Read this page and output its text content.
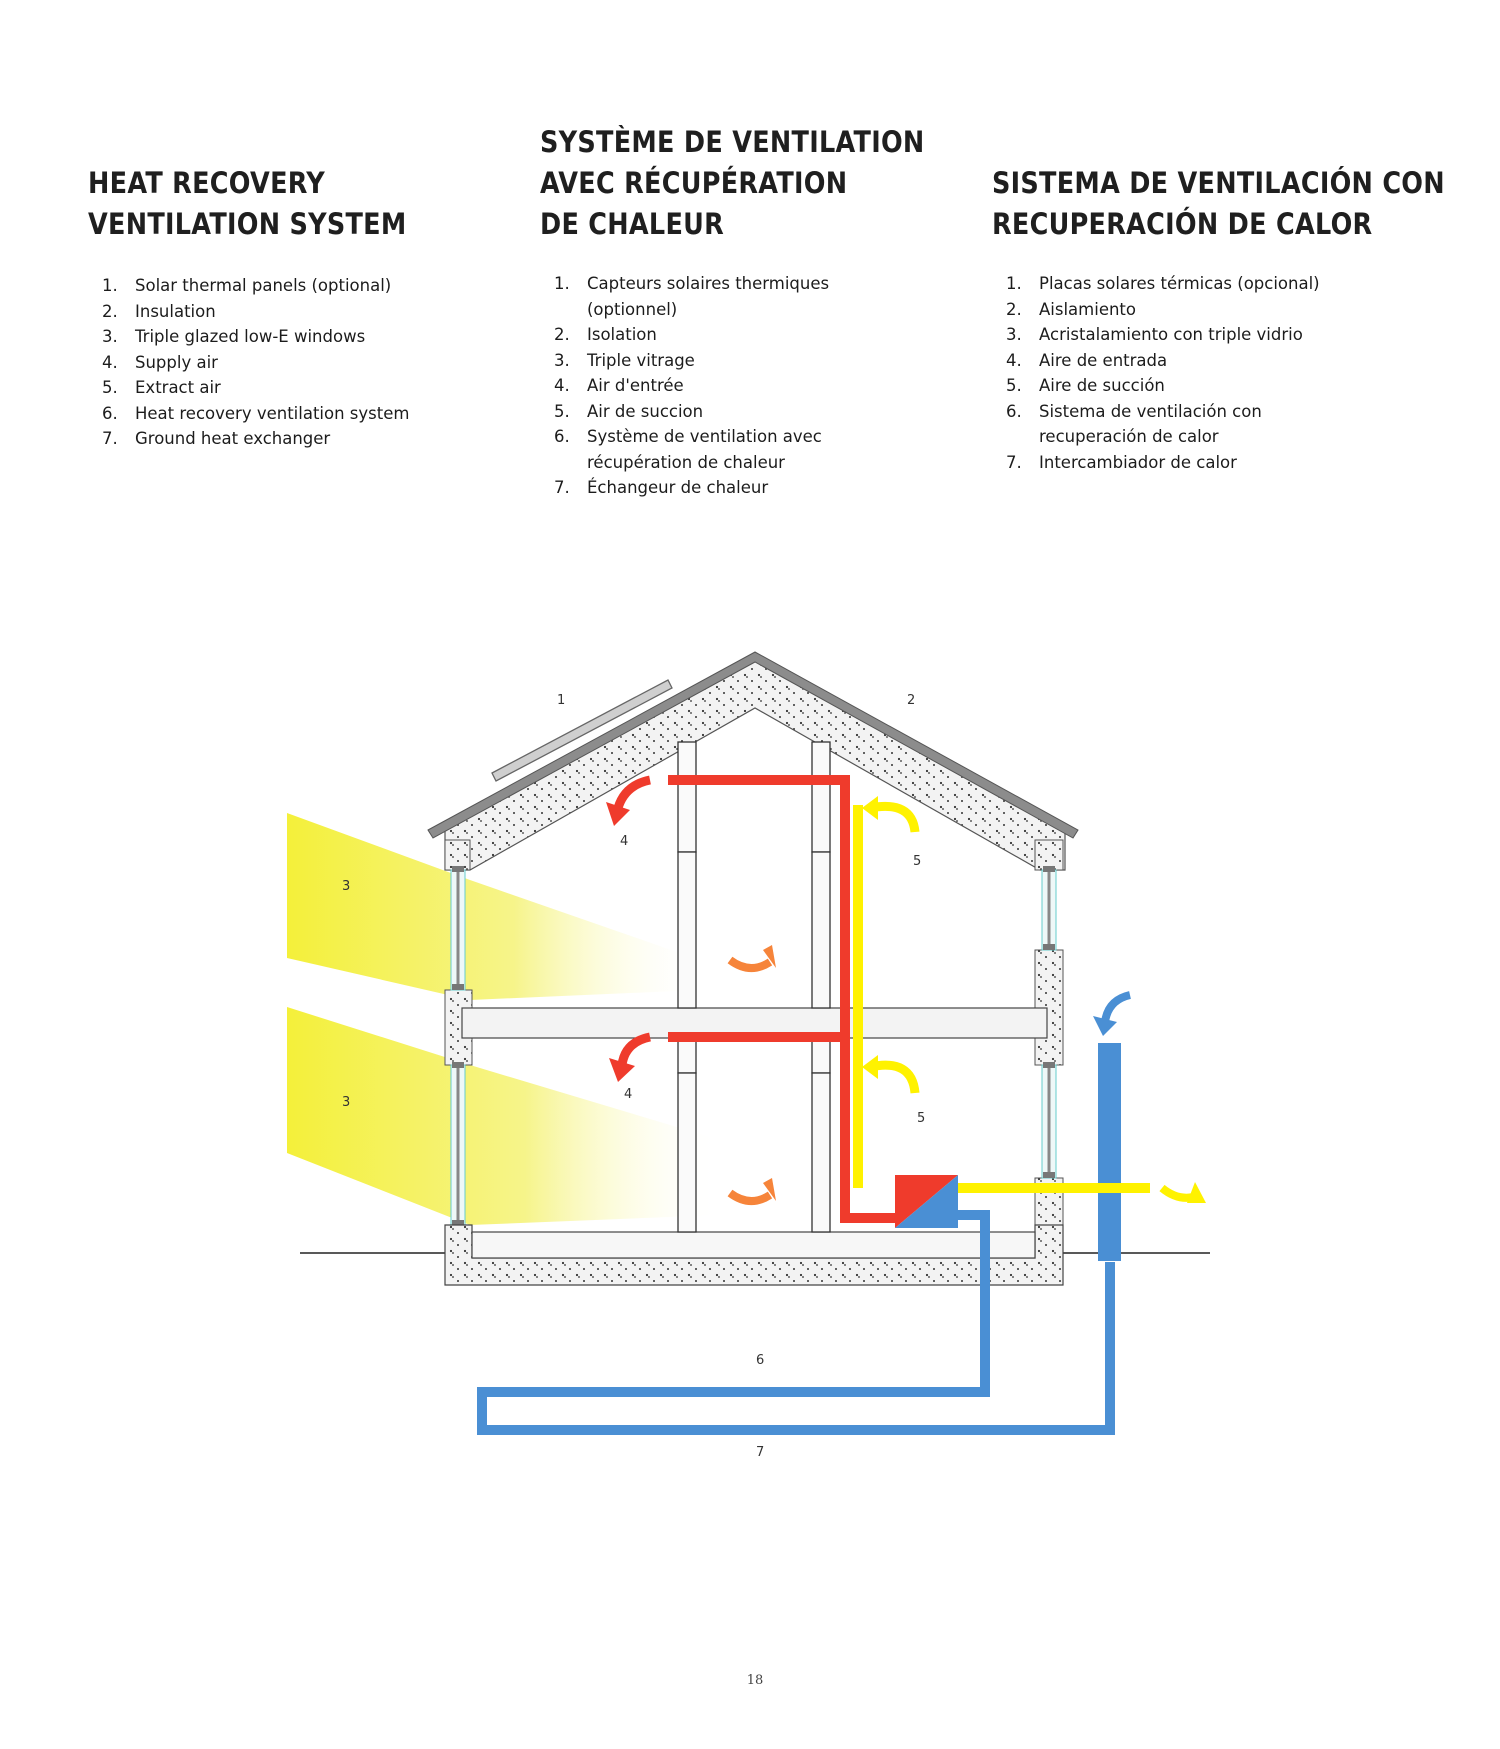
HEAT RECOVERY
VENTILATION SYSTEM
1. Solar thermal panels (optional)
2. Insulation
3. Triple glazed low-E windows
4. Supply air
5. Extract air
6. Heat recovery ventilation system
7. Ground heat exchanger
SYSTÈME DE VENTILATION
AVEC RÉCUPÉRATION
DE CHALEUR
1. Capteurs solaires thermiques (optionnel)
2. Isolation
3. Triple vitrage
4. Air d'entrée
5. Air de succion
6. Système de ventilation avec récupération de chaleur
7. Échangeur de chaleur
SISTEMA DE VENTILACIÓN CON
RECUPERACIÓN DE CALOR
1. Placas solares térmicas (opcional)
2. Aislamiento
3. Acristalamiento con triple vidrio
4. Aire de entrada
5. Aire de succión
6. Sistema de ventilación con recuperación de calor
7. Intercambiador de calor
1	2
3
3
4
4
5
5
6
7
18
